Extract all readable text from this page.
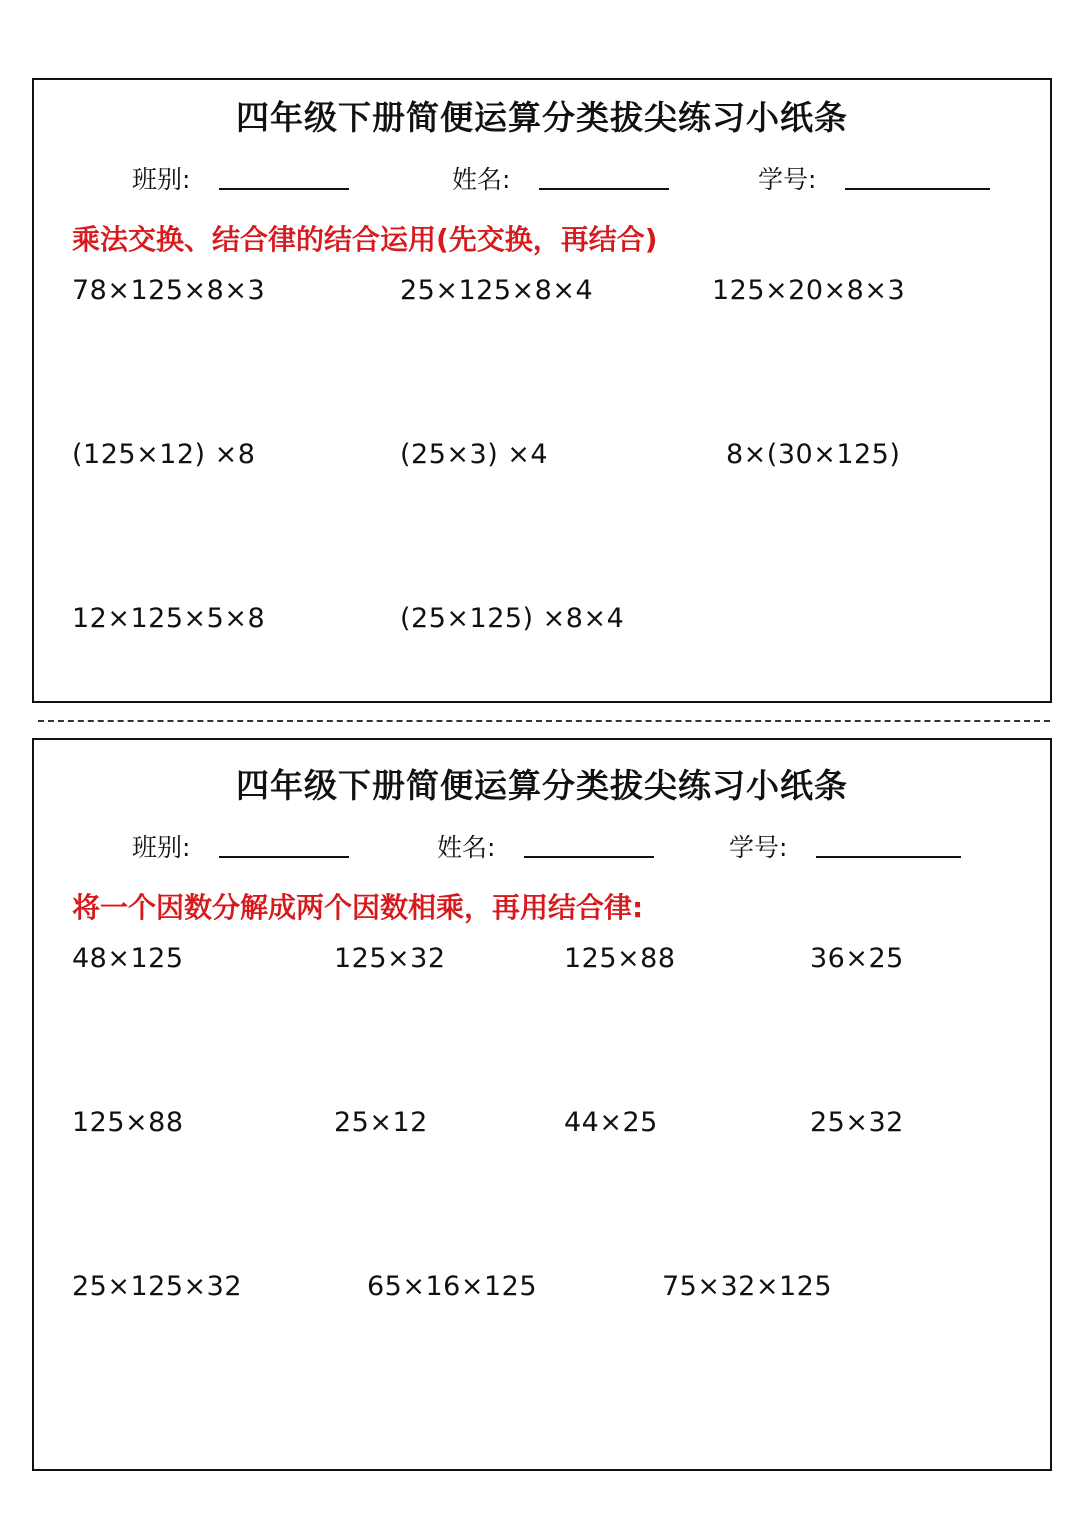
四年级下册简便运算分类拔尖练习小纸条
班别:	姓名:	学号:
乘法交换、结合律的结合运用(先交换，再结合)
78×125×8×3	25×125×8×4	125×20×8×3
(125×12) ×8	(25×3) ×4	8×(30×125)
12×125×5×8	(25×125) ×8×4
四年级下册简便运算分类拔尖练习小纸条
班别:	姓名:	学号:
将一个因数分解成两个因数相乘，再用结合律:
48×125	125×32	125×88	36×25
125×88	25×12	44×25	25×32
25×125×32	65×16×125	75×32×125
